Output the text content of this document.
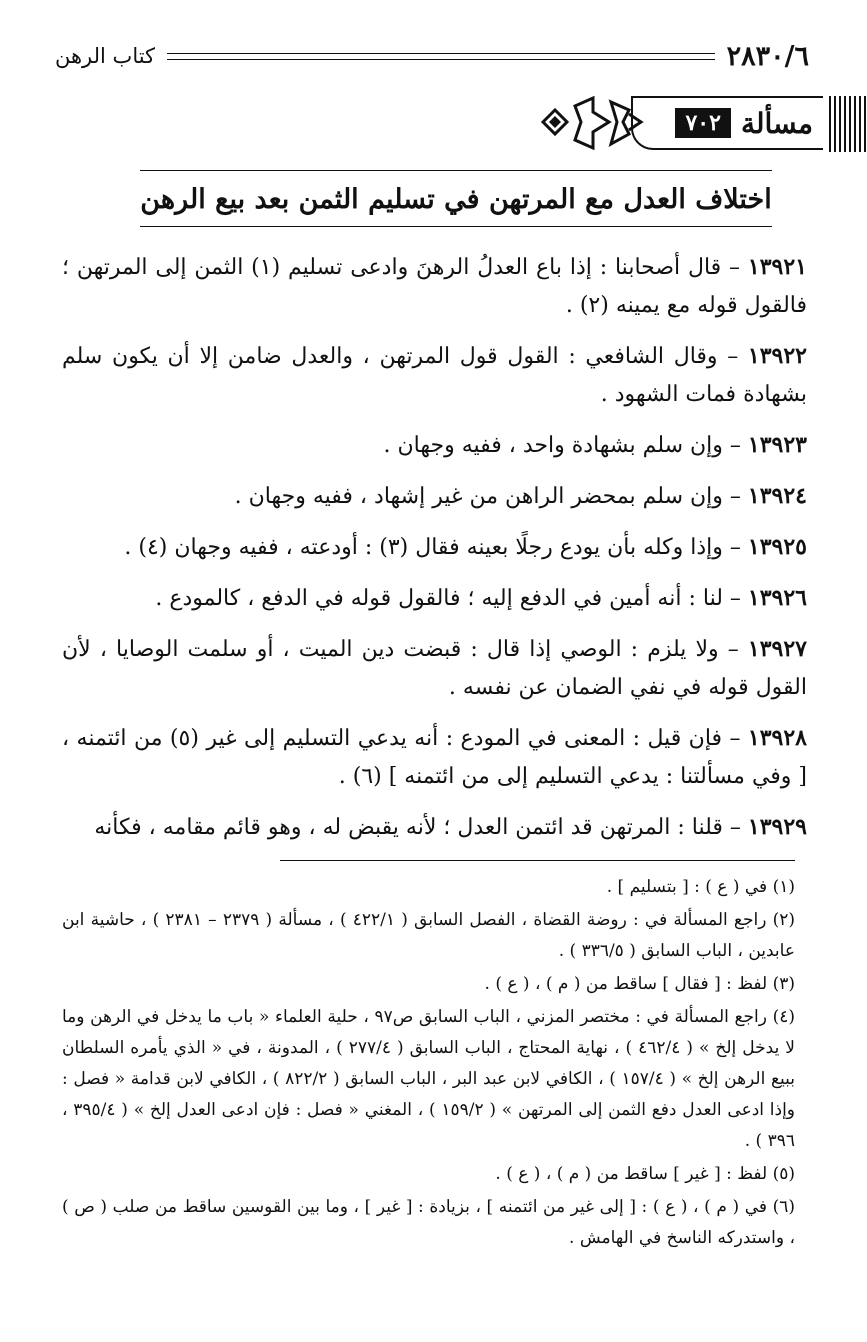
٢٨٣٠/٦
كتاب الرهن
مسألة
٧٠٢
اختلاف العدل مع المرتهن في تسليم الثمن بعد بيع الرهن

١٣٩٢١ – قال أصحابنا : إذا باع العدلُ الرهنَ وادعى تسليم (١) الثمن إلى المرتهن ؛ فالقول قوله مع يمينه (٢) .

١٣٩٢٢ – وقال الشافعي : القول قول المرتهن ، والعدل ضامن إلا أن يكون سلم بشهادة فمات الشهود .

١٣٩٢٣ – وإن سلم بشهادة واحد ، ففيه وجهان .

١٣٩٢٤ – وإن سلم بمحضر الراهن من غير إشهاد ، ففيه وجهان .

١٣٩٢٥ – وإذا وكله بأن يودع رجلًا بعينه فقال (٣) : أودعته ، ففيه وجهان (٤) .

١٣٩٢٦ – لنا : أنه أمين في الدفع إليه ؛ فالقول قوله في الدفع ، كالمودع .

١٣٩٢٧ – ولا يلزم : الوصي إذا قال : قبضت دين الميت ، أو سلمت الوصايا ، لأن القول قوله في نفي الضمان عن نفسه .

١٣٩٢٨ – فإن قيل : المعنى في المودع : أنه يدعي التسليم إلى غير (٥) من ائتمنه ، [ وفي مسألتنا : يدعي التسليم إلى من ائتمنه ] (٦) .

١٣٩٢٩ – قلنا : المرتهن قد ائتمن العدل ؛ لأنه يقبض له ، وهو قائم مقامه ، فكأنه

(١) في ( ع ) : [ بتسليم ] .

(٢) راجع المسألة في : روضة القضاة ، الفصل السابق ( ٤٢٢/١ ) ، مسألة ( ٢٣٧٩ – ٢٣٨١ ) ، حاشية ابن عابدين ، الباب السابق ( ٣٣٦/٥ ) .

(٣) لفظ : [ فقال ] ساقط من ( م ) ، ( ع ) .

(٤) راجع المسألة في : مختصر المزني ، الباب السابق ص٩٧ ، حلية العلماء « باب ما يدخل في الرهن وما لا يدخل إلخ » ( ٤٦٢/٤ ) ، نهاية المحتاج ، الباب السابق ( ٢٧٧/٤ ) ، المدونة ، في « الذي يأمره السلطان ببيع الرهن إلخ » ( ١٥٧/٤ ) ، الكافي لابن عبد البر ، الباب السابق ( ٨٢٢/٢ ) ، الكافي لابن قدامة « فصل : وإذا ادعى العدل دفع الثمن إلى المرتهن » ( ١٥٩/٢ ) ، المغني « فصل : فإن ادعى العدل إلخ » ( ٣٩٥/٤ ، ٣٩٦ ) .

(٥) لفظ : [ غير ] ساقط من ( م ) ، ( ع ) .

(٦) في ( م ) ، ( ع ) : [ إلى غير من ائتمنه ] ، بزيادة : [ غير ] ، وما بين القوسين ساقط من صلب ( ص ) ، واستدركه الناسخ في الهامش .
